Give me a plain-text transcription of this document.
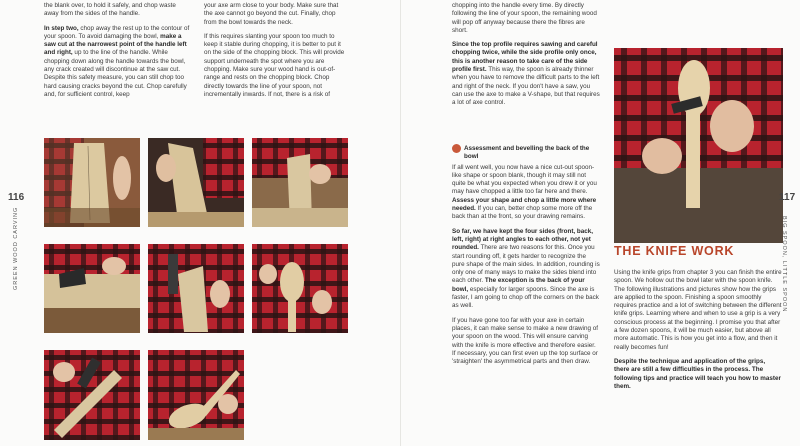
the blank over, to hold it safely, and chop waste away from the sides of the handle.

In step two, chop away the rest up to the contour of your spoon. To avoid damaging the bowl, make a saw cut at the narrowest point of the handle left and right, up to the line of the handle. While chopping down along the handle towards the bowl, any crack created will discontinue at the saw cut. Despite this safety measure, you can still chop too hard causing cracks beyond the cut. Chop carefully and, for sufficient control, keep

your axe arm close to your body. Make sure that the axe cannot go beyond the cut. Finally, chop from the bowl towards the neck.

If this requires slanting your spoon too much to keep it stable during chopping, it is better to put it on the side of the chopping block. This will provide support underneath the spot where you are chopping. Make sure your wood hand is out-of-range and rests on the chopping block. Chop directly towards the line of your spoon, not incrementally inwards. If not, there is a risk of

116
GREEN WOOD CARVING

chopping into the handle every time. By directly following the line of your spoon, the remaining wood will pop off anyway because there the fibres are short.

Since the top profile requires sawing and careful chopping twice, while the side profile only once, this is another reason to take care of the side profile first. This way, the spoon is already thinner when you have to remove the difficult parts to the left and right of the neck. If you don't have a saw, you can use the axe to make a V-shape, but that requires a lot of axe control.

Assessment and bevelling the back of the bowl

If all went well, you now have a nice cut-out spoon-like shape or spoon blank, though it may still not quite be what you expected when you drew it or you may have chopped a little too far here and there. Assess your shape and chop a little more where needed. If you can, better chop some more off the back than at the front, so your drawing remains.

So far, we have kept the four sides (front, back, left, right) at right angles to each other, not yet rounded. There are two reasons for this. Once you start rounding off, it gets harder to recognize the pure shape of the main sides. In addition, rounding is only one of many ways to make the sides blend into each other. The exception is the back of your bowl, especially for larger spoons. Since the axe is faster, I am going to chop off the corners on the back as well.

If you have gone too far with your axe in certain places, it can make sense to make a new drawing of your spoon on the wood. This will ensure carving with the knife is more effective and therefore easier. If necessary, you can first even up the top surface or 'straighten' the asymmetrical parts and then draw.

THE KNIFE WORK

Using the knife grips from chapter 3 you can finish the entire spoon. We hollow out the bowl later with the spoon knife. The following illustrations and pictures show how the grips are applied to the spoon. Finishing a spoon smoothly requires practice and a lot of switching between the different knife grips. Learning where and when to use a grip is a very conscious process at the beginning. I promise you that after a few dozen spoons, it will be much easier, but above all more automatic. This is how you get into a flow, and then it really becomes fun!

Despite the technique and application of the grips, there are still a few difficulties in the process. The following tips and practice will teach you how to master them.

117
BIG SPOON, LITTLE SPOON
